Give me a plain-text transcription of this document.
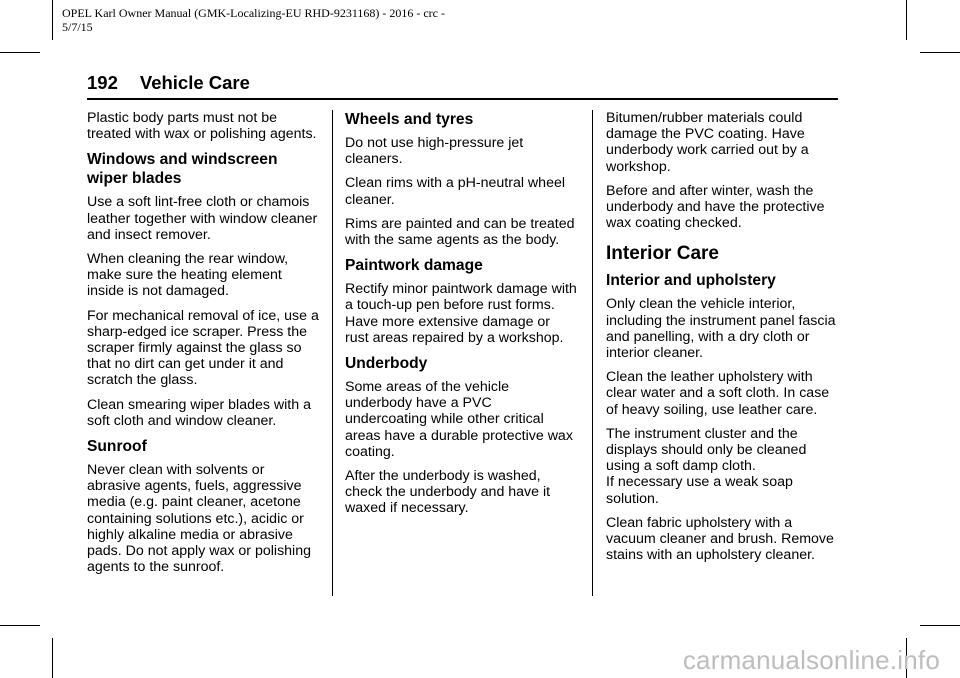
OPEL Karl Owner Manual (GMK-Localizing-EU RHD-9231168) - 2016 - crc -
5/7/15
192 Vehicle Care

Plastic body parts must not be treated with wax or polishing agents.

Windows and windscreen wiper blades

Use a soft lint-free cloth or chamois leather together with window cleaner and insect remover.

When cleaning the rear window, make sure the heating element inside is not damaged.

For mechanical removal of ice, use a sharp-edged ice scraper. Press the scraper firmly against the glass so that no dirt can get under it and scratch the glass.

Clean smearing wiper blades with a soft cloth and window cleaner.

Sunroof

Never clean with solvents or abrasive agents, fuels, aggressive media (e.g. paint cleaner, acetone containing solutions etc.), acidic or highly alkaline media or abrasive pads. Do not apply wax or polishing agents to the sunroof.

Wheels and tyres

Do not use high-pressure jet cleaners.

Clean rims with a pH-neutral wheel cleaner.

Rims are painted and can be treated with the same agents as the body.

Paintwork damage

Rectify minor paintwork damage with a touch-up pen before rust forms. Have more extensive damage or rust areas repaired by a workshop.

Underbody

Some areas of the vehicle underbody have a PVC undercoating while other critical areas have a durable protective wax coating.

After the underbody is washed, check the underbody and have it waxed if necessary.

Bitumen/rubber materials could damage the PVC coating. Have underbody work carried out by a workshop.

Before and after winter, wash the underbody and have the protective wax coating checked.

Interior Care
Interior and upholstery

Only clean the vehicle interior, including the instrument panel fascia and panelling, with a dry cloth or interior cleaner.

Clean the leather upholstery with clear water and a soft cloth. In case of heavy soiling, use leather care.

The instrument cluster and the displays should only be cleaned using a soft damp cloth.

If necessary use a weak soap solution.

Clean fabric upholstery with a vacuum cleaner and brush. Remove stains with an upholstery cleaner.

carmanualsonline.info
